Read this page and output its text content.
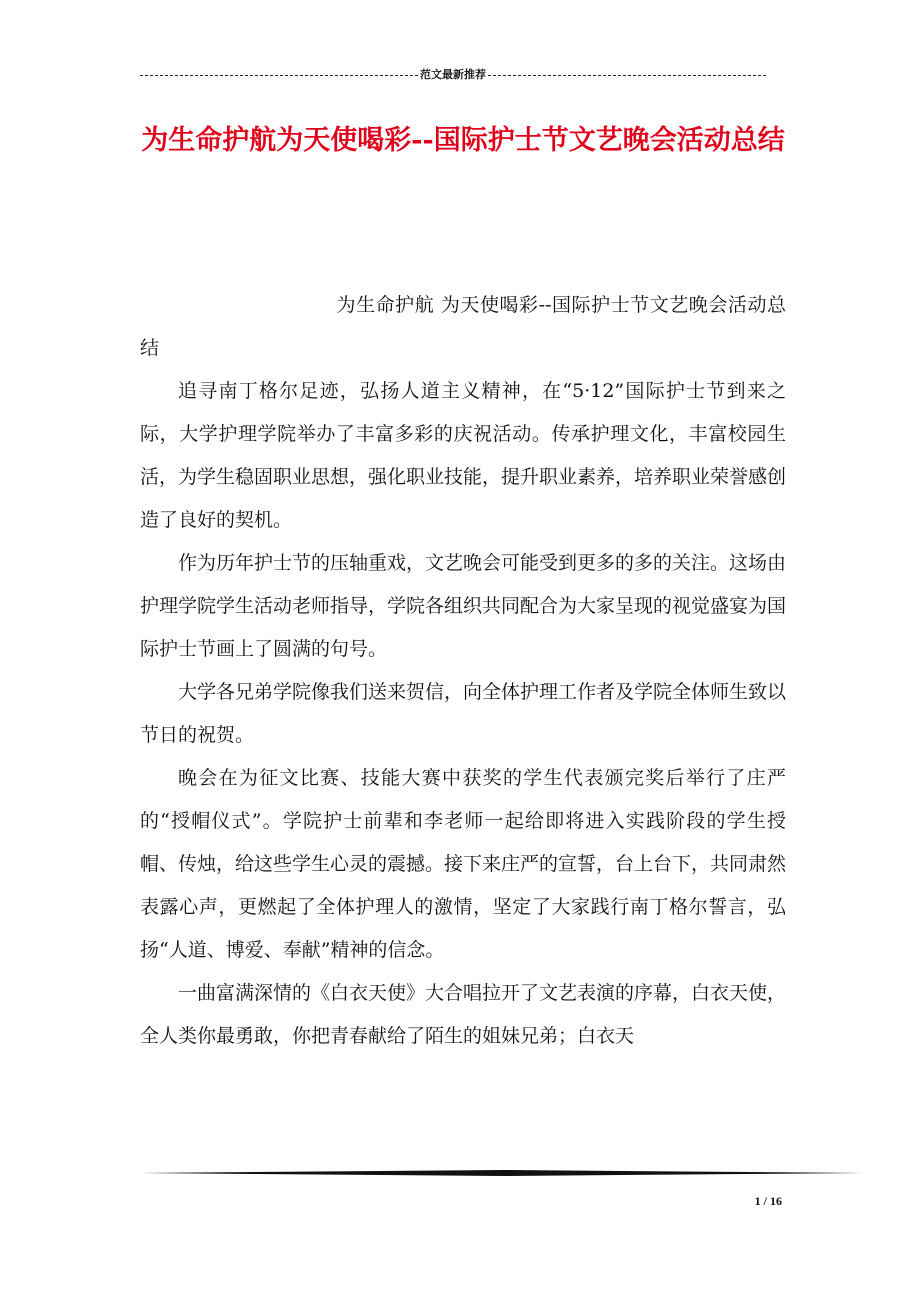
范文最新推荐
为生命护航为天使喝彩--国际护士节文艺晚会活动总结

为生命护航 为天使喝彩--国际护士节文艺晚会活动总结

追寻南丁格尔足迹，弘扬人道主义精神，在“5·12”国际护士节到来之际，大学护理学院举办了丰富多彩的庆祝活动。传承护理文化，丰富校园生活，为学生稳固职业思想，强化职业技能，提升职业素养，培养职业荣誉感创造了良好的契机。

作为历年护士节的压轴重戏，文艺晚会可能受到更多的多的关注。这场由护理学院学生活动老师指导，学院各组织共同配合为大家呈现的视觉盛宴为国际护士节画上了圆满的句号。

大学各兄弟学院像我们送来贺信，向全体护理工作者及学院全体师生致以节日的祝贺。

晚会在为征文比赛、技能大赛中获奖的学生代表颁完奖后举行了庄严的“授帽仪式”。学院护士前辈和李老师一起给即将进入实践阶段的学生授帽、传烛，给这些学生心灵的震撼。接下来庄严的宣誓，台上台下，共同肃然表露心声，更燃起了全体护理人的激情，坚定了大家践行南丁格尔誓言，弘扬“人道、博爱、奉献”精神的信念。

一曲富满深情的《白衣天使》大合唱拉开了文艺表演的序幕，白衣天使，全人类你最勇敢，你把青春献给了陌生的姐妹兄弟；白衣天

1 / 16
